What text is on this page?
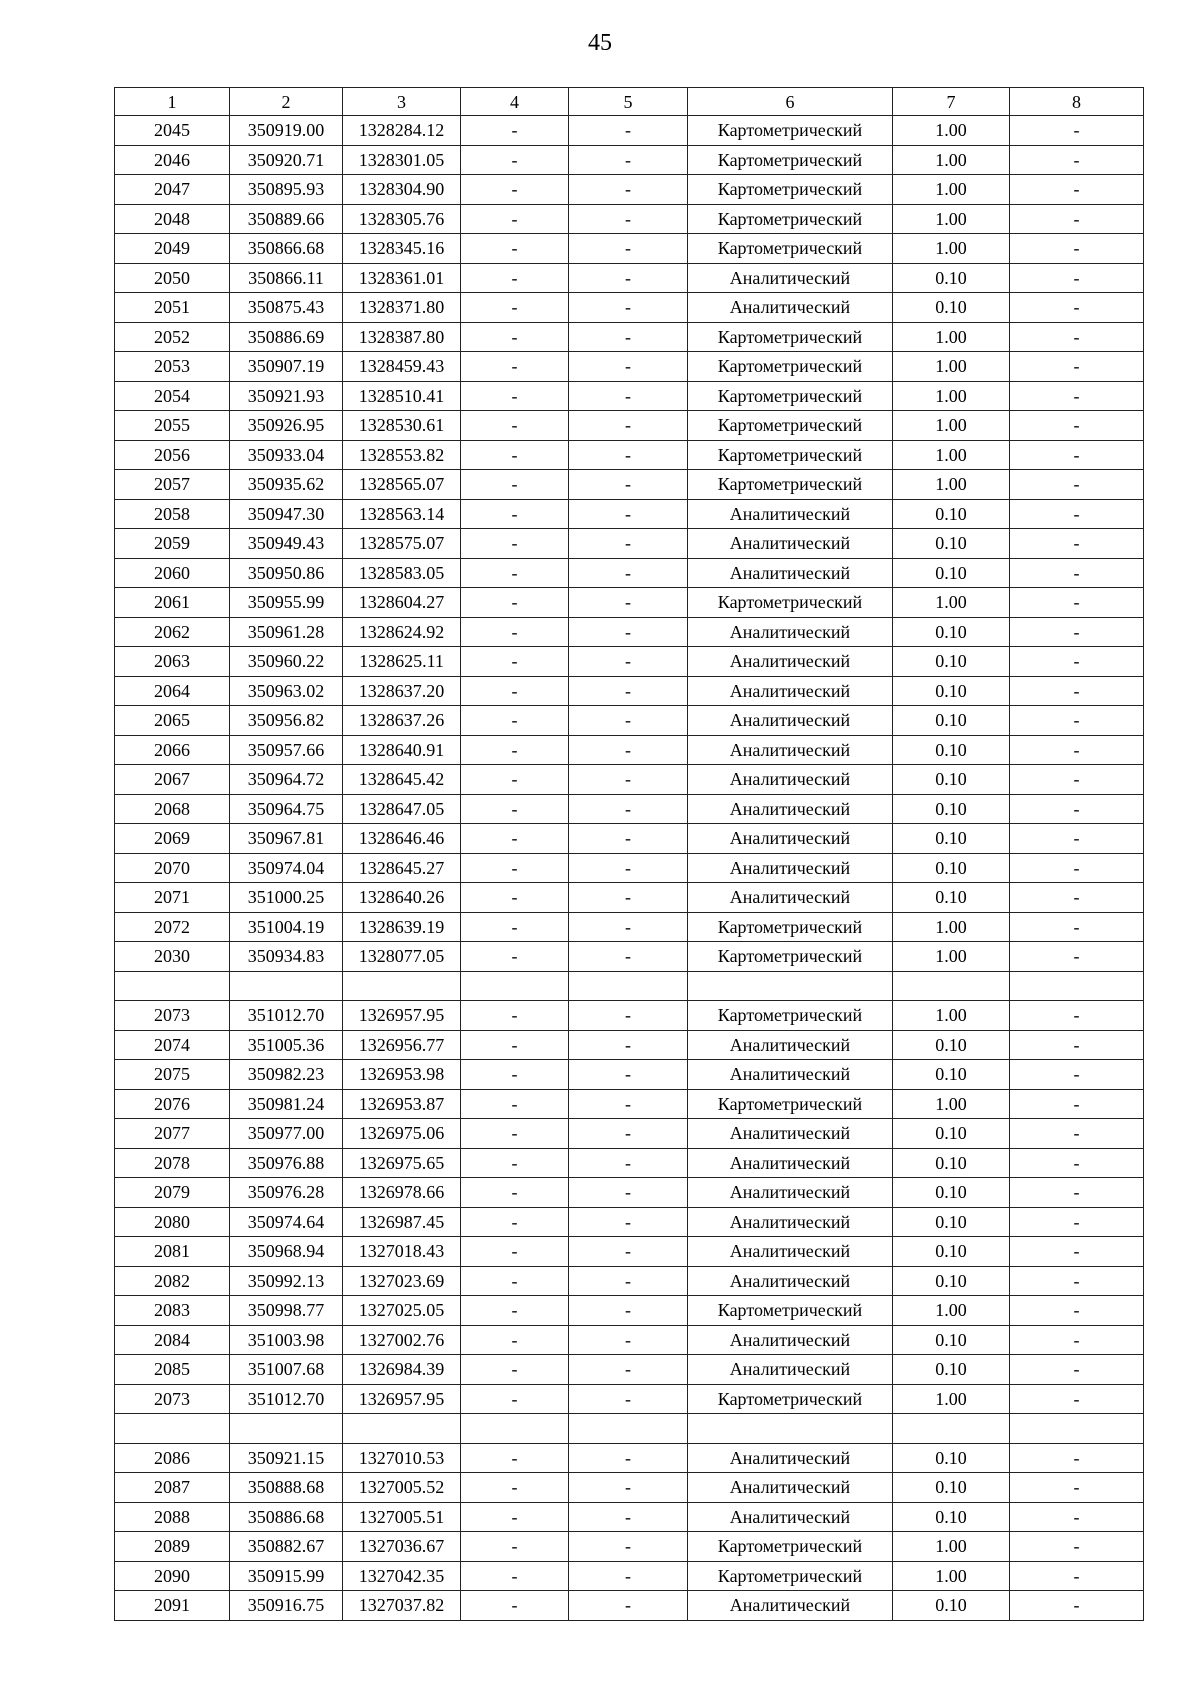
45
1	2	3	4	5	6	7	8
2045	350919.00	1328284.12	-	-	Картометрический	1.00	-
2046	350920.71	1328301.05	-	-	Картометрический	1.00	-
2047	350895.93	1328304.90	-	-	Картометрический	1.00	-
2048	350889.66	1328305.76	-	-	Картометрический	1.00	-
2049	350866.68	1328345.16	-	-	Картометрический	1.00	-
2050	350866.11	1328361.01	-	-	Аналитический	0.10	-
2051	350875.43	1328371.80	-	-	Аналитический	0.10	-
2052	350886.69	1328387.80	-	-	Картометрический	1.00	-
2053	350907.19	1328459.43	-	-	Картометрический	1.00	-
2054	350921.93	1328510.41	-	-	Картометрический	1.00	-
2055	350926.95	1328530.61	-	-	Картометрический	1.00	-
2056	350933.04	1328553.82	-	-	Картометрический	1.00	-
2057	350935.62	1328565.07	-	-	Картометрический	1.00	-
2058	350947.30	1328563.14	-	-	Аналитический	0.10	-
2059	350949.43	1328575.07	-	-	Аналитический	0.10	-
2060	350950.86	1328583.05	-	-	Аналитический	0.10	-
2061	350955.99	1328604.27	-	-	Картометрический	1.00	-
2062	350961.28	1328624.92	-	-	Аналитический	0.10	-
2063	350960.22	1328625.11	-	-	Аналитический	0.10	-
2064	350963.02	1328637.20	-	-	Аналитический	0.10	-
2065	350956.82	1328637.26	-	-	Аналитический	0.10	-
2066	350957.66	1328640.91	-	-	Аналитический	0.10	-
2067	350964.72	1328645.42	-	-	Аналитический	0.10	-
2068	350964.75	1328647.05	-	-	Аналитический	0.10	-
2069	350967.81	1328646.46	-	-	Аналитический	0.10	-
2070	350974.04	1328645.27	-	-	Аналитический	0.10	-
2071	351000.25	1328640.26	-	-	Аналитический	0.10	-
2072	351004.19	1328639.19	-	-	Картометрический	1.00	-
2030	350934.83	1328077.05	-	-	Картометрический	1.00	-

2073	351012.70	1326957.95	-	-	Картометрический	1.00	-
2074	351005.36	1326956.77	-	-	Аналитический	0.10	-
2075	350982.23	1326953.98	-	-	Аналитический	0.10	-
2076	350981.24	1326953.87	-	-	Картометрический	1.00	-
2077	350977.00	1326975.06	-	-	Аналитический	0.10	-
2078	350976.88	1326975.65	-	-	Аналитический	0.10	-
2079	350976.28	1326978.66	-	-	Аналитический	0.10	-
2080	350974.64	1326987.45	-	-	Аналитический	0.10	-
2081	350968.94	1327018.43	-	-	Аналитический	0.10	-
2082	350992.13	1327023.69	-	-	Аналитический	0.10	-
2083	350998.77	1327025.05	-	-	Картометрический	1.00	-
2084	351003.98	1327002.76	-	-	Аналитический	0.10	-
2085	351007.68	1326984.39	-	-	Аналитический	0.10	-
2073	351012.70	1326957.95	-	-	Картометрический	1.00	-

2086	350921.15	1327010.53	-	-	Аналитический	0.10	-
2087	350888.68	1327005.52	-	-	Аналитический	0.10	-
2088	350886.68	1327005.51	-	-	Аналитический	0.10	-
2089	350882.67	1327036.67	-	-	Картометрический	1.00	-
2090	350915.99	1327042.35	-	-	Картометрический	1.00	-
2091	350916.75	1327037.82	-	-	Аналитический	0.10	-
